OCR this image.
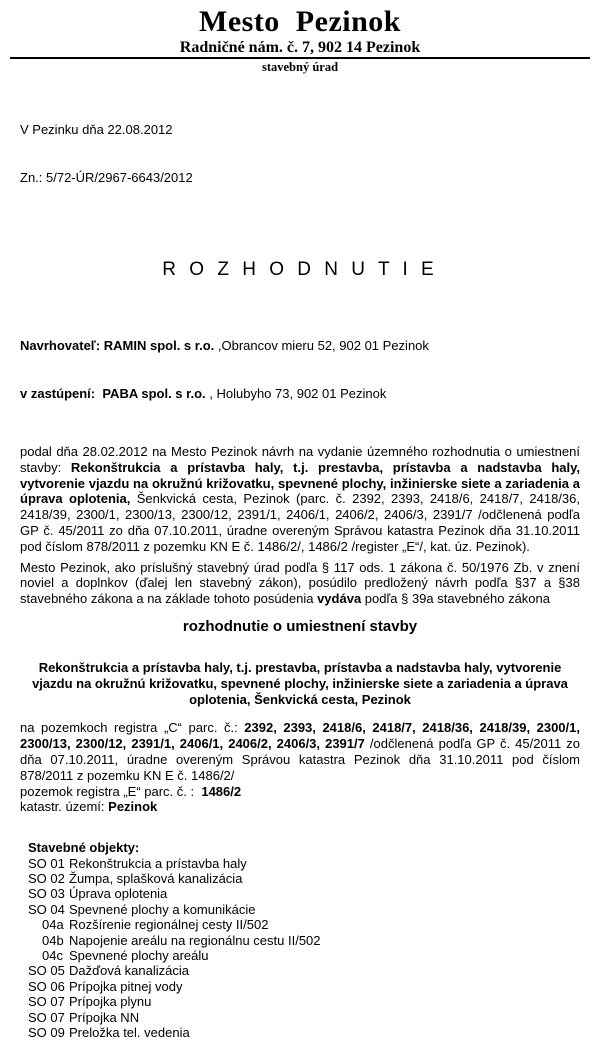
Mesto  Pezinok
Radničné nám. č. 7, 902 14 Pezinok
stavebný úrad

V Pezinku dňa 22.08.2012

Zn.: 5/72-ÚR/2967-6643/2012

R O Z H O D N U T I E

Navrhovateľ: RAMIN spol. s r.o. ,Obrancov mieru 52, 902 01 Pezinok

v zastúpení:  PABA spol. s r.o. , Holubyho 73, 902 01 Pezinok

podal dňa 28.02.2012 na Mesto Pezinok návrh na vydanie územného rozhodnutia o umiestnení stavby: Rekonštrukcia a prístavba haly, t.j. prestavba, prístavba a nadstavba haly, vytvorenie vjazdu na okružnú križovatku, spevnené plochy, inžinierske siete a zariadenia a úprava oplotenia, Šenkvická cesta, Pezinok (parc. č. 2392, 2393, 2418/6, 2418/7, 2418/36, 2418/39, 2300/1, 2300/13, 2300/12, 2391/1, 2406/1, 2406/2, 2406/3, 2391/7 /odčlenená podľa GP č. 45/2011 zo dňa 07.10.2011, úradne overeným Správou katastra Pezinok dňa 31.10.2011 pod číslom 878/2011 z pozemku KN E č. 1486/2/, 1486/2 /register „E“/, kat. úz. Pezinok).
Mesto Pezinok, ako príslušný stavebný úrad podľa § 117 ods. 1 zákona č. 50/1976 Zb. v znení noviel a doplnkov (ďalej len stavebný zákon), posúdilo predložený návrh podľa §37 a §38 stavebného zákona a na základe tohoto posúdenia vydáva podľa § 39a stavebného zákona
rozhodnutie o umiestnení stavby
Rekonštrukcia a prístavba haly, t.j. prestavba, prístavba a nadstavba haly, vytvorenie vjazdu na okružnú križovatku, spevnené plochy, inžinierske siete a zariadenia a úprava oplotenia, Šenkvická cesta, Pezinok
na pozemkoch registra „C“ parc. č.: 2392, 2393, 2418/6, 2418/7, 2418/36, 2418/39, 2300/1, 2300/13, 2300/12, 2391/1, 2406/1, 2406/2, 2406/3, 2391/7 /odčlenená podľa GP č. 45/2011 zo dňa 07.10.2011, úradne overeným Správou katastra Pezinok dňa 31.10.2011 pod číslom 878/2011 z pozemku KN E č. 1486/2/
pozemok registra „E“ parc. č. :  1486/2
katastr. území: Pezinok
Stavebné objekty:
SO 01 Rekonštrukcia a prístavba haly
SO 02 Žumpa, splašková kanalizácia
SO 03 Úprava oplotenia
SO 04 Spevnené plochy a komunikácie
04a Rozšírenie regionálnej cesty II/502
04b Napojenie areálu na regionálnu cestu II/502
04c Spevnené plochy areálu
SO 05 Dažďová kanalizácia
SO 06 Prípojka pitnej vody
SO 07 Prípojka plynu
SO 07 Prípojka NN
SO 09 Preložka tel. vedenia
